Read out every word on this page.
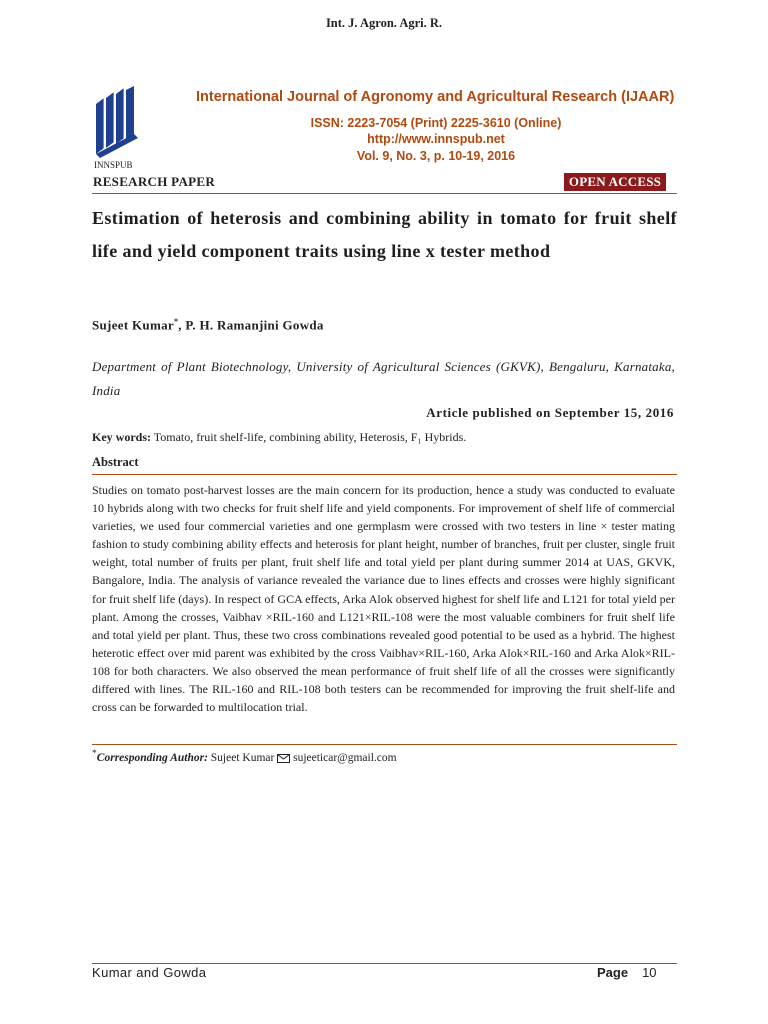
Int. J. Agron. Agri. R.
INNSPUB
International Journal of Agronomy and Agricultural Research (IJAAR)
ISSN: 2223-7054 (Print) 2225-3610 (Online)
http://www.innspub.net
Vol. 9, No. 3, p. 10-19, 2016
RESEARCH PAPER	OPEN ACCESS
Estimation of heterosis and combining ability in tomato for fruit shelf life and yield component traits using line x tester method
Sujeet Kumar*, P. H. Ramanjini Gowda
Department of Plant Biotechnology, University of Agricultural Sciences (GKVK), Bengaluru, Karnataka, India
Article published on September 15, 2016
Key words: Tomato, fruit shelf-life, combining ability, Heterosis, F₁ Hybrids.
Abstract
Studies on tomato post-harvest losses are the main concern for its production, hence a study was conducted to evaluate 10 hybrids along with two checks for fruit shelf life and yield components. For improvement of shelf life of commercial varieties, we used four commercial varieties and one germplasm were crossed with two testers in line × tester mating fashion to study combining ability effects and heterosis for plant height, number of branches, fruit per cluster, single fruit weight, total number of fruits per plant, fruit shelf life and total yield per plant during summer 2014 at UAS, GKVK, Bangalore, India. The analysis of variance revealed the variance due to lines effects and crosses were highly significant for fruit shelf life (days). In respect of GCA effects, Arka Alok observed highest for shelf life and L121 for total yield per plant. Among the crosses, Vaibhav ×RIL-160 and L121×RIL-108 were the most valuable combiners for fruit shelf life and total yield per plant. Thus, these two cross combinations revealed good potential to be used as a hybrid. The highest heterotic effect over mid parent was exhibited by the cross Vaibhav×RIL-160, Arka Alok×RIL-160 and Arka Alok×RIL-108 for both characters. We also observed the mean performance of fruit shelf life of all the crosses were significantly differed with lines. The RIL-160 and RIL-108 both testers can be recommended for improving the fruit shelf-life and cross can be forwarded to multilocation trial.
*Corresponding Author: Sujeet Kumar  sujeeticar@gmail.com
Kumar and Gowda	Page 10
